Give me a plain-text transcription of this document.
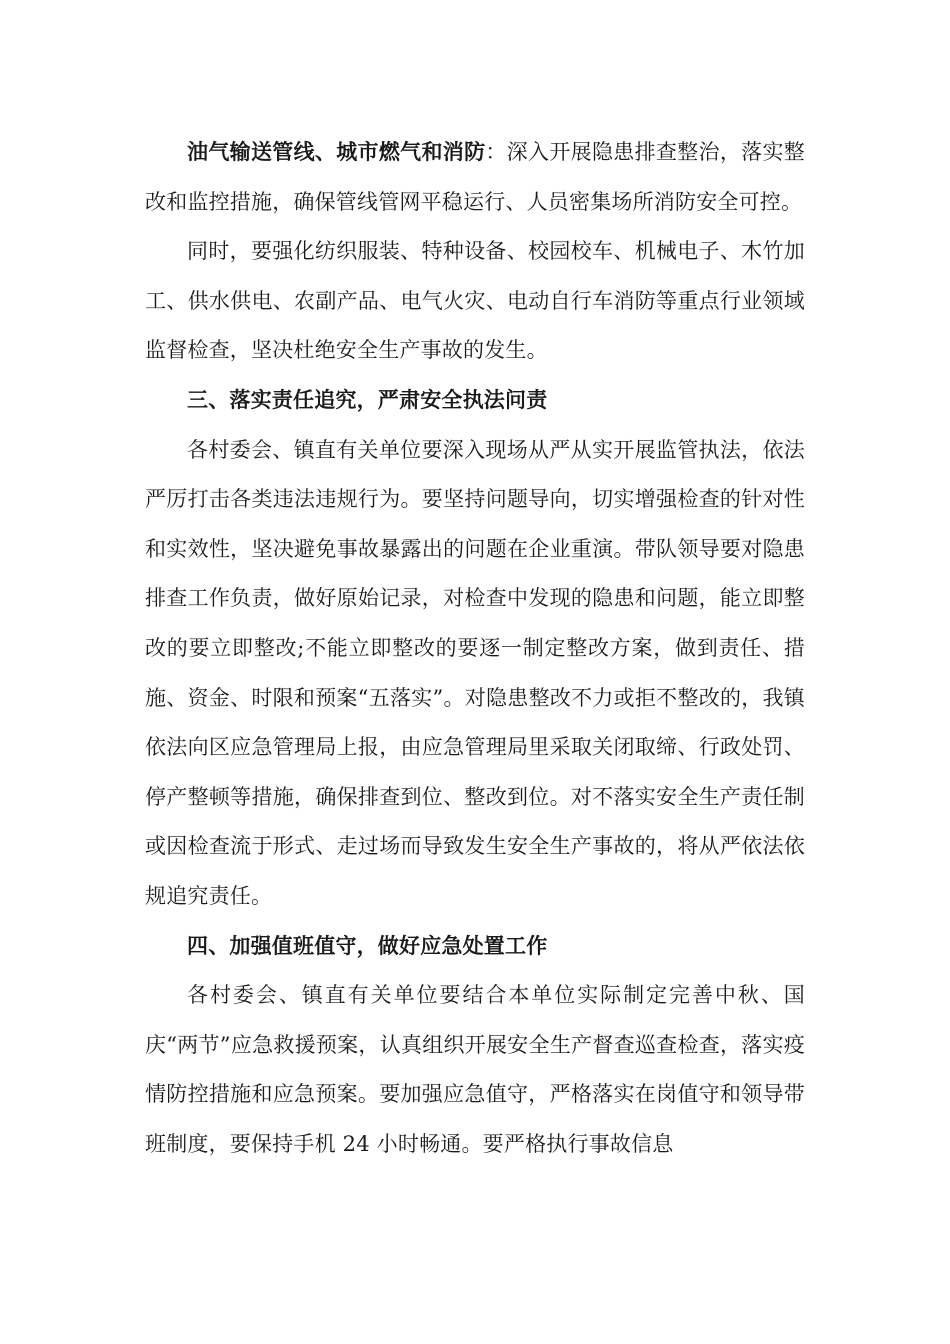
油气输送管线、城市燃气和消防：深入开展隐患排查整治，落实整改和监控措施，确保管线管网平稳运行、人员密集场所消防安全可控。

同时，要强化纺织服装、特种设备、校园校车、机械电子、木竹加工、供水供电、农副产品、电气火灾、电动自行车消防等重点行业领域监督检查，坚决杜绝安全生产事故的发生。

三、落实责任追究，严肃安全执法问责

各村委会、镇直有关单位要深入现场从严从实开展监管执法，依法严厉打击各类违法违规行为。要坚持问题导向，切实增强检查的针对性和实效性，坚决避免事故暴露出的问题在企业重演。带队领导要对隐患排查工作负责，做好原始记录，对检查中发现的隐患和问题，能立即整改的要立即整改;不能立即整改的要逐一制定整改方案，做到责任、措施、资金、时限和预案“五落实”。对隐患整改不力或拒不整改的，我镇依法向区应急管理局上报，由应急管理局里采取关闭取缔、行政处罚、停产整顿等措施，确保排查到位、整改到位。对不落实安全生产责任制或因检查流于形式、走过场而导致发生安全生产事故的，将从严依法依规追究责任。

四、加强值班值守，做好应急处置工作

各村委会、镇直有关单位要结合本单位实际制定完善中秋、国庆“两节”应急救援预案，认真组织开展安全生产督查巡查检查，落实疫情防控措施和应急预案。要加强应急值守，严格落实在岗值守和领导带班制度，要保持手机 24 小时畅通。要严格执行事故信息
